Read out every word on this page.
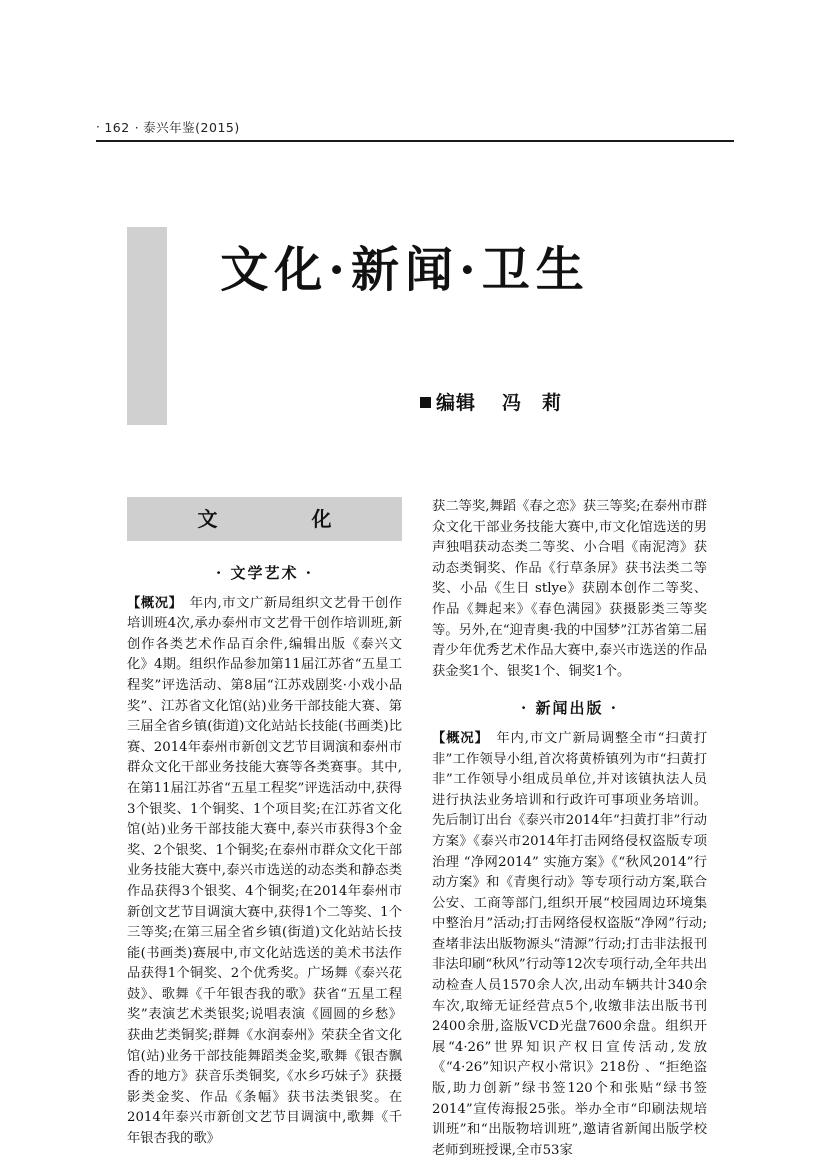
· 162 · 泰兴年鉴(2015)
文化·新闻·卫生
编辑 冯　莉
文　　化
· 文学艺术 ·

【概况】　 年内,市文广新局组织文艺骨干创作培训班4次,承办泰州市文艺骨干创作培训班,新创作各类艺术作品百余件,编辑出版《泰兴文化》4期。组织作品参加第11届江苏省“五星工程奖”评选活动、第8届“江苏戏剧奖·小戏小品奖”、江苏省文化馆(站)业务干部技能大赛、第三届全省乡镇(街道)文化站站长技能(书画类)比赛、2014年泰州市新创文艺节目调演和泰州市群众文化干部业务技能大赛等各类赛事。其中,在第11届江苏省“五星工程奖”评选活动中,获得3个银奖、1个铜奖、1个项目奖;在江苏省文化馆(站)业务干部技能大赛中,泰兴市获得3个金奖、2个银奖、1个铜奖;在泰州市群众文化干部业务技能大赛中,泰兴市选送的动态类和静态类作品获得3个银奖、4个铜奖;在2014年泰州市新创文艺节目调演大赛中,获得1个二等奖、1个三等奖;在第三届全省乡镇(街道)文化站站长技能(书画类)赛展中,市文化站选送的美术书法作品获得1个铜奖、2个优秀奖。广场舞《泰兴花鼓》、歌舞《千年银杏我的歌》获省“五星工程奖”表演艺术类银奖;说唱表演《圆圆的乡愁》获曲艺类铜奖;群舞《水润泰州》荣获全省文化馆(站)业务干部技能舞蹈类金奖,歌舞《银杏飘香的地方》获音乐类铜奖,《水乡巧妹子》获摄影类金奖、作品《条幅》获书法类银奖。在2014年泰兴市新创文艺节目调演中,歌舞《千年银杏我的歌》

获二等奖,舞蹈《春之恋》获三等奖;在泰州市群众文化干部业务技能大赛中,市文化馆选送的男声独唱获动态类二等奖、小合唱《南泥湾》获动态类铜奖、作品《行草条屏》获书法类二等奖、小品《生日 stlye》获剧本创作二等奖、作品《舞起来》《春色满园》获摄影类三等奖等。另外,在“迎青奥·我的中国梦”江苏省第二届青少年优秀艺术作品大赛中,泰兴市选送的作品获金奖1个、银奖1个、铜奖1个。

· 新闻出版 ·

【概况】　 年内,市文广新局调整全市“扫黄打非”工作领导小组,首次将黄桥镇列为市“扫黄打非”工作领导小组成员单位,并对该镇执法人员进行执法业务培训和行政许可事项业务培训。先后制订出台《泰兴市2014年“扫黄打非”行动方案》《泰兴市2014年打击网络侵权盗版专项治理 “净网2014” 实施方案》《“秋风2014”行动方案》和《青奥行动》等专项行动方案,联合公安、工商等部门,组织开展“校园周边环境集中整治月”活动;打击网络侵权盗版“净网”行动;查堵非法出版物源头“清源”行动;打击非法报刊非法印刷“秋风”行动等12次专项行动,全年共出动检查人员1570余人次,出动车辆共计340余车次,取缔无证经营点5个,收缴非法出版书刊2400余册,盗版VCD光盘7600余盘。组织开展“4·26”世界知识产权日宣传活动,发放《“4·26”知识产权小常识》218份 、“拒绝盗版,助力创新”绿书签120个和张贴“绿书签2014”宣传海报25张。举办全市“印刷法规培训班”和“出版物培训班”,邀请省新闻出版学校老师到班授课,全市53家
